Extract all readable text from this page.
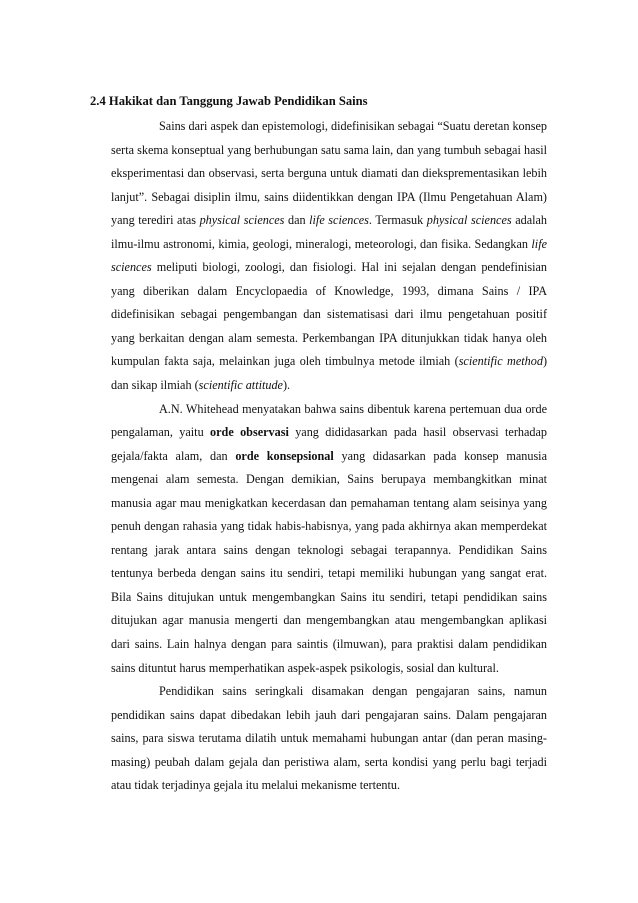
2.4 Hakikat dan Tanggung Jawab Pendidikan Sains

Sains dari aspek dan epistemologi, didefinisikan sebagai “Suatu deretan konsep serta skema konseptual yang berhubungan satu sama lain, dan yang tumbuh sebagai hasil eksperimentasi dan observasi, serta berguna untuk diamati dan dieksprementasikan lebih lanjut”. Sebagai disiplin ilmu, sains diidentikkan dengan IPA (Ilmu Pengetahuan Alam) yang terediri atas physical sciences dan life sciences. Termasuk physical sciences adalah ilmu-ilmu astronomi, kimia, geologi, mineralogi, meteorologi, dan fisika. Sedangkan life sciences meliputi biologi, zoologi, dan fisiologi. Hal ini sejalan dengan pendefinisian yang diberikan dalam Encyclopaedia of Knowledge, 1993, dimana Sains / IPA didefinisikan sebagai pengembangan dan sistematisasi dari ilmu pengetahuan positif yang berkaitan dengan alam semesta. Perkembangan IPA ditunjukkan tidak hanya oleh kumpulan fakta saja, melainkan juga oleh timbulnya metode ilmiah (scientific method) dan sikap ilmiah (scientific attitude).

A.N. Whitehead menyatakan bahwa sains dibentuk karena pertemuan dua orde pengalaman, yaitu orde observasi yang dididasarkan pada hasil observasi terhadap gejala/fakta alam, dan orde konsepsional yang didasarkan pada konsep manusia mengenai alam semesta. Dengan demikian, Sains berupaya membangkitkan minat manusia agar mau menigkatkan kecerdasan dan pemahaman tentang alam seisinya yang penuh dengan rahasia yang tidak habis-habisnya, yang pada akhirnya akan memperdekat rentang jarak antara sains dengan teknologi sebagai terapannya. Pendidikan Sains tentunya berbeda dengan sains itu sendiri, tetapi memiliki hubungan yang sangat erat. Bila Sains ditujukan untuk mengembangkan Sains itu sendiri, tetapi pendidikan sains ditujukan agar manusia mengerti dan mengembangkan atau mengembangkan aplikasi dari sains. Lain halnya dengan para saintis (ilmuwan), para praktisi dalam pendidikan sains dituntut harus memperhatikan aspek-aspek psikologis, sosial dan kultural.

Pendidikan sains seringkali disamakan dengan pengajaran sains, namun pendidikan sains dapat dibedakan lebih jauh dari pengajaran sains. Dalam pengajaran sains, para siswa terutama dilatih untuk memahami hubungan antar (dan peran masing-masing) peubah dalam gejala dan peristiwa alam, serta kondisi yang perlu bagi terjadi atau tidak terjadinya gejala itu melalui mekanisme tertentu.
